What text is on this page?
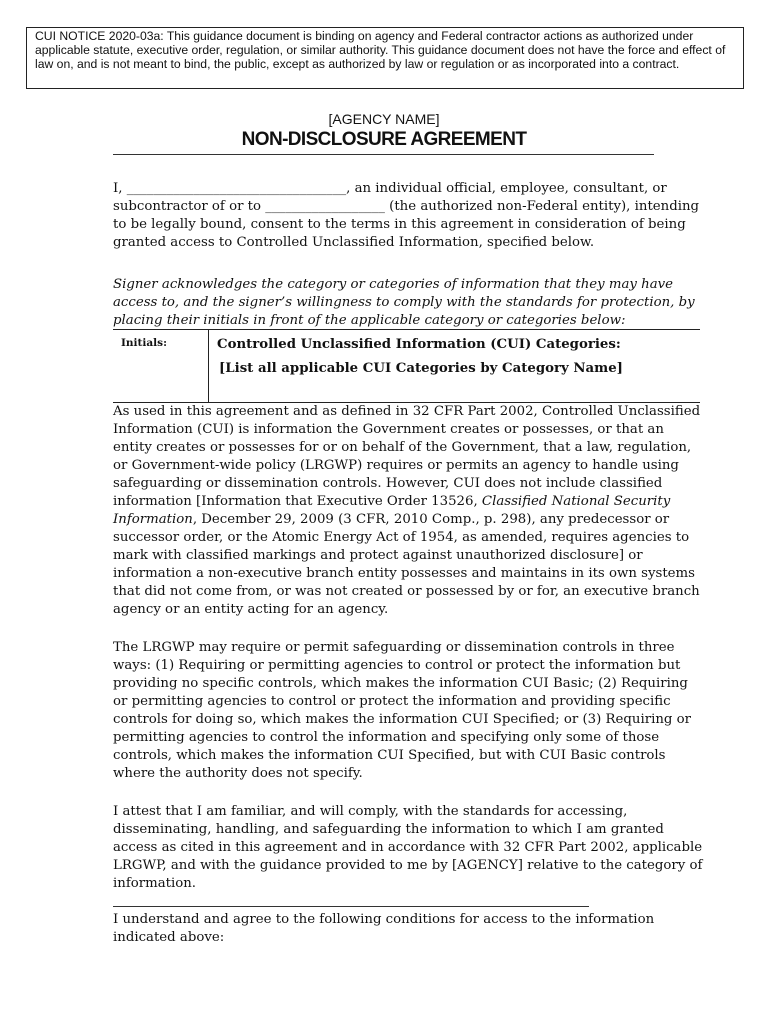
CUI NOTICE 2020-03a: This guidance document is binding on agency and Federal contractor actions as authorized under applicable statute, executive order, regulation, or similar authority. This guidance document does not have the force and effect of law on, and is not meant to bind, the public, except as authorized by law or regulation or as incorporated into a contract.
[AGENCY NAME]
NON-DISCLOSURE AGREEMENT
I, _________________________________, an individual official, employee, consultant, or subcontractor of or to __________________ (the authorized non-Federal entity), intending to be legally bound, consent to the terms in this agreement in consideration of being granted access to Controlled Unclassified Information, specified below.
Signer acknowledges the category or categories of information that they may have access to, and the signer’s willingness to comply with the standards for protection, by placing their initials in front of the applicable category or categories below:
Initials:	Controlled Unclassified Information (CUI) Categories:
[List all applicable CUI Categories by Category Name]
As used in this agreement and as defined in 32 CFR Part 2002, Controlled Unclassified Information (CUI) is information the Government creates or possesses, or that an entity creates or possesses for or on behalf of the Government, that a law, regulation, or Government-wide policy (LRGWP) requires or permits an agency to handle using safeguarding or dissemination controls. However, CUI does not include classified information [Information that Executive Order 13526, Classified National Security Information, December 29, 2009 (3 CFR, 2010 Comp., p. 298), any predecessor or successor order, or the Atomic Energy Act of 1954, as amended, requires agencies to mark with classified markings and protect against unauthorized disclosure] or information a non-executive branch entity possesses and maintains in its own systems that did not come from, or was not created or possessed by or for, an executive branch agency or an entity acting for an agency.
The LRGWP may require or permit safeguarding or dissemination controls in three ways: (1) Requiring or permitting agencies to control or protect the information but providing no specific controls, which makes the information CUI Basic; (2) Requiring or permitting agencies to control or protect the information and providing specific controls for doing so, which makes the information CUI Specified; or (3) Requiring or permitting agencies to control the information and specifying only some of those controls, which makes the information CUI Specified, but with CUI Basic controls where the authority does not specify.
I attest that I am familiar, and will comply, with the standards for accessing, disseminating, handling, and safeguarding the information to which I am granted access as cited in this agreement and in accordance with 32 CFR Part 2002, applicable LRGWP, and with the guidance provided to me by [AGENCY] relative to the category of information.
I understand and agree to the following conditions for access to the information indicated above:
